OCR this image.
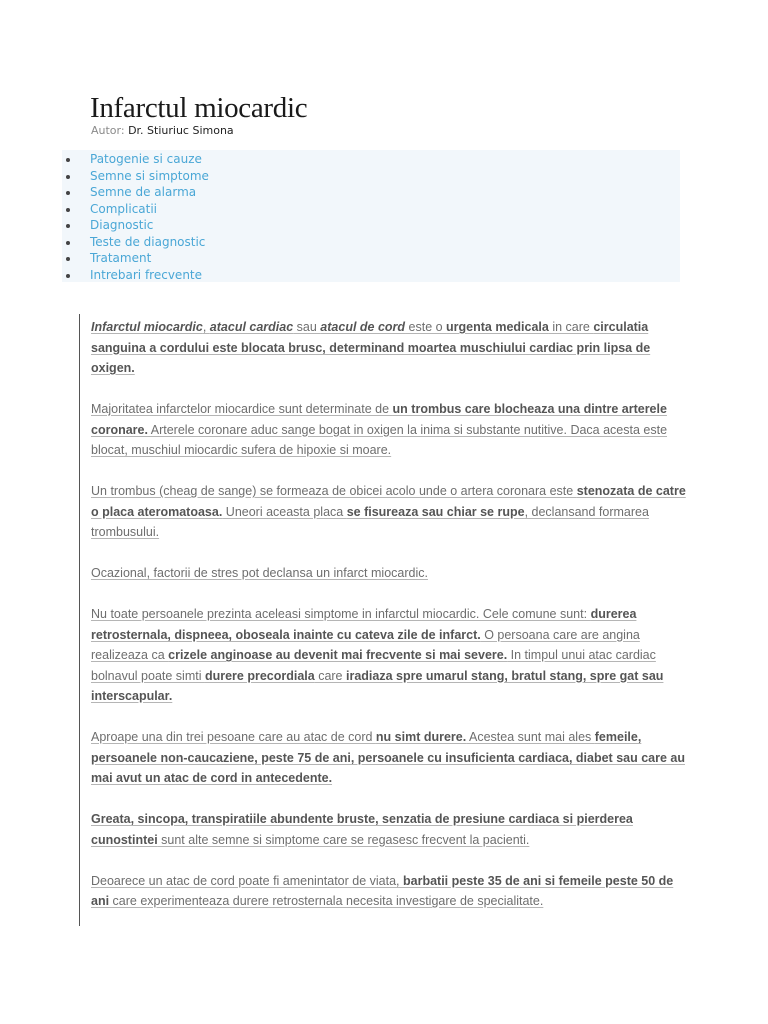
Infarctul miocardic
Autor: Dr. Stiuriuc Simona
Patogenie si cauze
Semne si simptome
Semne de alarma
Complicatii
Diagnostic
Teste de diagnostic
Tratament
Intrebari frecvente

Infarctul miocardic, atacul cardiac sau atacul de cord este o urgenta medicala in care circulatia sanguina a cordului este blocata brusc, determinand moartea muschiului cardiac prin lipsa de oxigen.

Majoritatea infarctelor miocardice sunt determinate de un trombus care blocheaza una dintre arterele coronare. Arterele coronare aduc sange bogat in oxigen la inima si substante nutitive. Daca acesta este blocat, muschiul miocardic sufera de hipoxie si moare.

Un trombus (cheag de sange) se formeaza de obicei acolo unde o artera coronara este stenozata de catre o placa ateromatoasa. Uneori aceasta placa se fisureaza sau chiar se rupe, declansand formarea trombusului.

Ocazional, factorii de stres pot declansa un infarct miocardic.

Nu toate persoanele prezinta aceleasi simptome in infarctul miocardic. Cele comune sunt: durerea retrosternala, dispneea, oboseala inainte cu cateva zile de infarct. O persoana care are angina realizeaza ca crizele anginoase au devenit mai frecvente si mai severe. In timpul unui atac cardiac bolnavul poate simti durere precordiala care iradiaza spre umarul stang, bratul stang, spre gat sau interscapular.

Aproape una din trei pesoane care au atac de cord nu simt durere. Acestea sunt mai ales femeile, persoanele non-caucaziene, peste 75 de ani, persoanele cu insuficienta cardiaca, diabet sau care au mai avut un atac de cord in antecedente.

Greata, sincopa, transpiratiile abundente bruste, senzatia de presiune cardiaca si pierderea cunostintei sunt alte semne si simptome care se regasesc frecvent la pacienti.

Deoarece un atac de cord poate fi amenintator de viata, barbatii peste 35 de ani si femeile peste 50 de ani care experimenteaza durere retrosternala necesita investigare de specialitate.
